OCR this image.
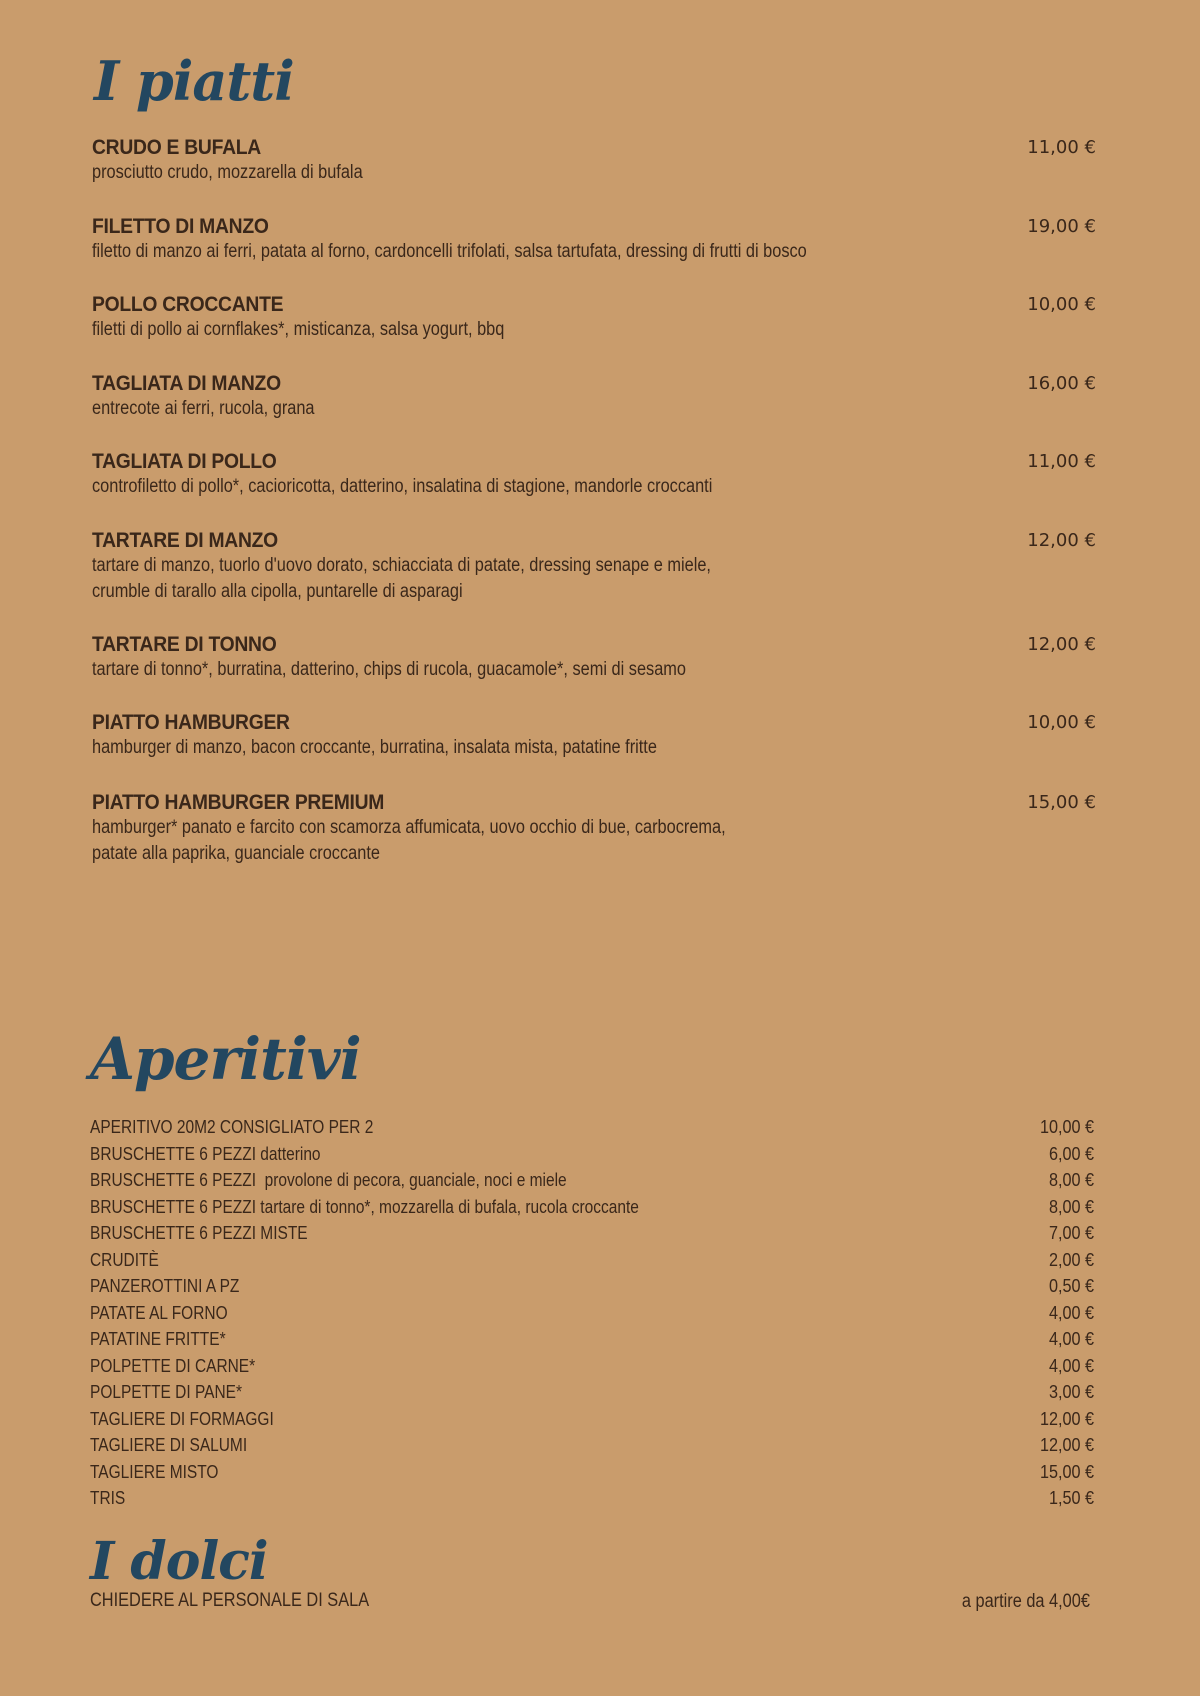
I piatti
CRUDO E BUFALA
prosciutto crudo, mozzarella di bufala
11,00 €
FILETTO DI MANZO
filetto di manzo ai ferri, patata al forno, cardoncelli trifolati, salsa tartufata, dressing di frutti di bosco
19,00 €
POLLO CROCCANTE
filetti di pollo ai cornflakes*, misticanza, salsa yogurt, bbq
10,00 €
TAGLIATA DI MANZO
entrecote ai ferri, rucola, grana
16,00 €
TAGLIATA DI POLLO
controfiletto di pollo*, cacioricotta, datterino, insalatina di stagione, mandorle croccanti
11,00 €
TARTARE DI MANZO
tartare di manzo, tuorlo d'uovo dorato, schiacciata di patate, dressing senape e miele,
crumble di tarallo alla cipolla, puntarelle di asparagi
12,00 €
TARTARE DI TONNO
tartare di tonno*, burratina, datterino, chips di rucola, guacamole*, semi di sesamo
12,00 €
PIATTO HAMBURGER
hamburger di manzo, bacon croccante, burratina, insalata mista, patatine fritte
10,00 €
PIATTO HAMBURGER PREMIUM
hamburger* panato e farcito con scamorza affumicata, uovo occhio di bue, carbocrema,
patate alla paprika, guanciale croccante
15,00 €
Aperitivi
APERITIVO 20M2 CONSIGLIATO PER 2	10,00 €
BRUSCHETTE 6 PEZZI datterino	6,00 €
BRUSCHETTE 6 PEZZI  provolone di pecora, guanciale, noci e miele	8,00 €
BRUSCHETTE 6 PEZZI tartare di tonno*, mozzarella di bufala, rucola croccante	8,00 €
BRUSCHETTE 6 PEZZI MISTE	7,00 €
CRUDITÈ	2,00 €
PANZEROTTINI A PZ	0,50 €
PATATE AL FORNO	4,00 €
PATATINE FRITTE*	4,00 €
POLPETTE DI CARNE*	4,00 €
POLPETTE DI PANE*	3,00 €
TAGLIERE DI FORMAGGI	12,00 €
TAGLIERE DI SALUMI	12,00 €
TAGLIERE MISTO	15,00 €
TRIS	1,50 €
I dolci
CHIEDERE AL PERSONALE DI SALA	a partire da 4,00€
